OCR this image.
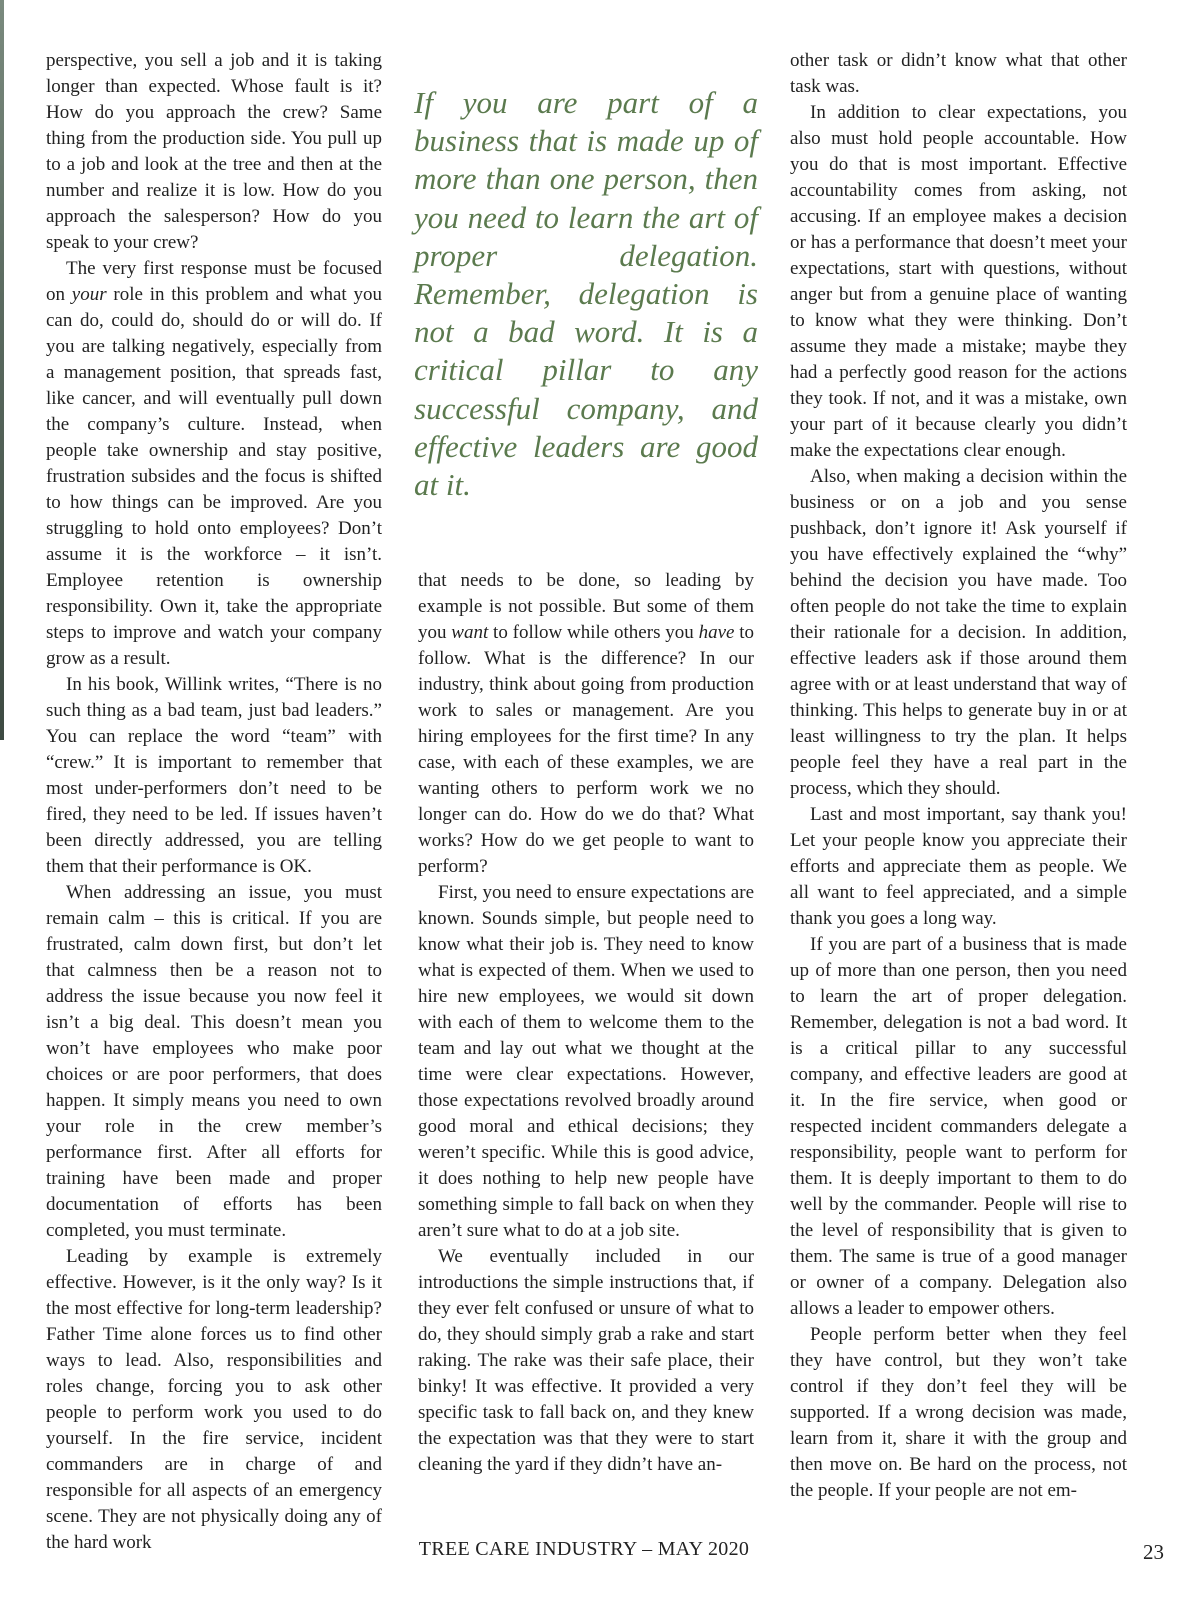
perspective, you sell a job and it is taking longer than expected. Whose fault is it? How do you approach the crew? Same thing from the production side. You pull up to a job and look at the tree and then at the number and realize it is low. How do you approach the salesperson? How do you speak to your crew?

The very first response must be focused on your role in this problem and what you can do, could do, should do or will do. If you are talking negatively, especially from a management position, that spreads fast, like cancer, and will eventually pull down the company’s culture. Instead, when people take ownership and stay positive, frustration subsides and the focus is shifted to how things can be improved. Are you struggling to hold onto employees? Don’t assume it is the workforce – it isn’t. Employee retention is ownership responsibility. Own it, take the appropriate steps to improve and watch your company grow as a result.

In his book, Willink writes, “There is no such thing as a bad team, just bad leaders.” You can replace the word “team” with “crew.” It is important to remember that most under-performers don’t need to be fired, they need to be led. If issues haven’t been directly addressed, you are telling them that their performance is OK.

When addressing an issue, you must remain calm – this is critical. If you are frustrated, calm down first, but don’t let that calmness then be a reason not to address the issue because you now feel it isn’t a big deal. This doesn’t mean you won’t have employees who make poor choices or are poor performers, that does happen. It simply means you need to own your role in the crew member’s performance first. After all efforts for training have been made and proper documentation of efforts has been completed, you must terminate.

Leading by example is extremely effective. However, is it the only way? Is it the most effective for long-term leadership? Father Time alone forces us to find other ways to lead. Also, responsibilities and roles change, forcing you to ask other people to perform work you used to do yourself. In the fire service, incident commanders are in charge of and responsible for all aspects of an emergency scene. They are not physically doing any of the hard work

If you are part of a business that is made up of more than one person, then you need to learn the art of proper delegation. Remember, delegation is not a bad word. It is a critical pillar to any successful company, and effective leaders are good at it.

that needs to be done, so leading by example is not possible. But some of them you want to follow while others you have to follow. What is the difference? In our industry, think about going from production work to sales or management. Are you hiring employees for the first time? In any case, with each of these examples, we are wanting others to perform work we no longer can do. How do we do that? What works? How do we get people to want to perform?

First, you need to ensure expectations are known. Sounds simple, but people need to know what their job is. They need to know what is expected of them. When we used to hire new employees, we would sit down with each of them to welcome them to the team and lay out what we thought at the time were clear expectations. However, those expectations revolved broadly around good moral and ethical decisions; they weren’t specific. While this is good advice, it does nothing to help new people have something simple to fall back on when they aren’t sure what to do at a job site.

We eventually included in our introductions the simple instructions that, if they ever felt confused or unsure of what to do, they should simply grab a rake and start raking. The rake was their safe place, their binky! It was effective. It provided a very specific task to fall back on, and they knew the expectation was that they were to start cleaning the yard if they didn’t have an-

other task or didn’t know what that other task was.

In addition to clear expectations, you also must hold people accountable. How you do that is most important. Effective accountability comes from asking, not accusing. If an employee makes a decision or has a performance that doesn’t meet your expectations, start with questions, without anger but from a genuine place of wanting to know what they were thinking. Don’t assume they made a mistake; maybe they had a perfectly good reason for the actions they took. If not, and it was a mistake, own your part of it because clearly you didn’t make the expectations clear enough.

Also, when making a decision within the business or on a job and you sense pushback, don’t ignore it! Ask yourself if you have effectively explained the “why” behind the decision you have made. Too often people do not take the time to explain their rationale for a decision. In addition, effective leaders ask if those around them agree with or at least understand that way of thinking. This helps to generate buy in or at least willingness to try the plan. It helps people feel they have a real part in the process, which they should.

Last and most important, say thank you! Let your people know you appreciate their efforts and appreciate them as people. We all want to feel appreciated, and a simple thank you goes a long way.

If you are part of a business that is made up of more than one person, then you need to learn the art of proper delegation. Remember, delegation is not a bad word. It is a critical pillar to any successful company, and effective leaders are good at it. In the fire service, when good or respected incident commanders delegate a responsibility, people want to perform for them. It is deeply important to them to do well by the commander. People will rise to the level of responsibility that is given to them. The same is true of a good manager or owner of a company. Delegation also allows a leader to empower others.

People perform better when they feel they have control, but they won’t take control if they don’t feel they will be supported. If a wrong decision was made, learn from it, share it with the group and then move on. Be hard on the process, not the people. If your people are not em-

TREE CARE INDUSTRY – MAY 2020	23
